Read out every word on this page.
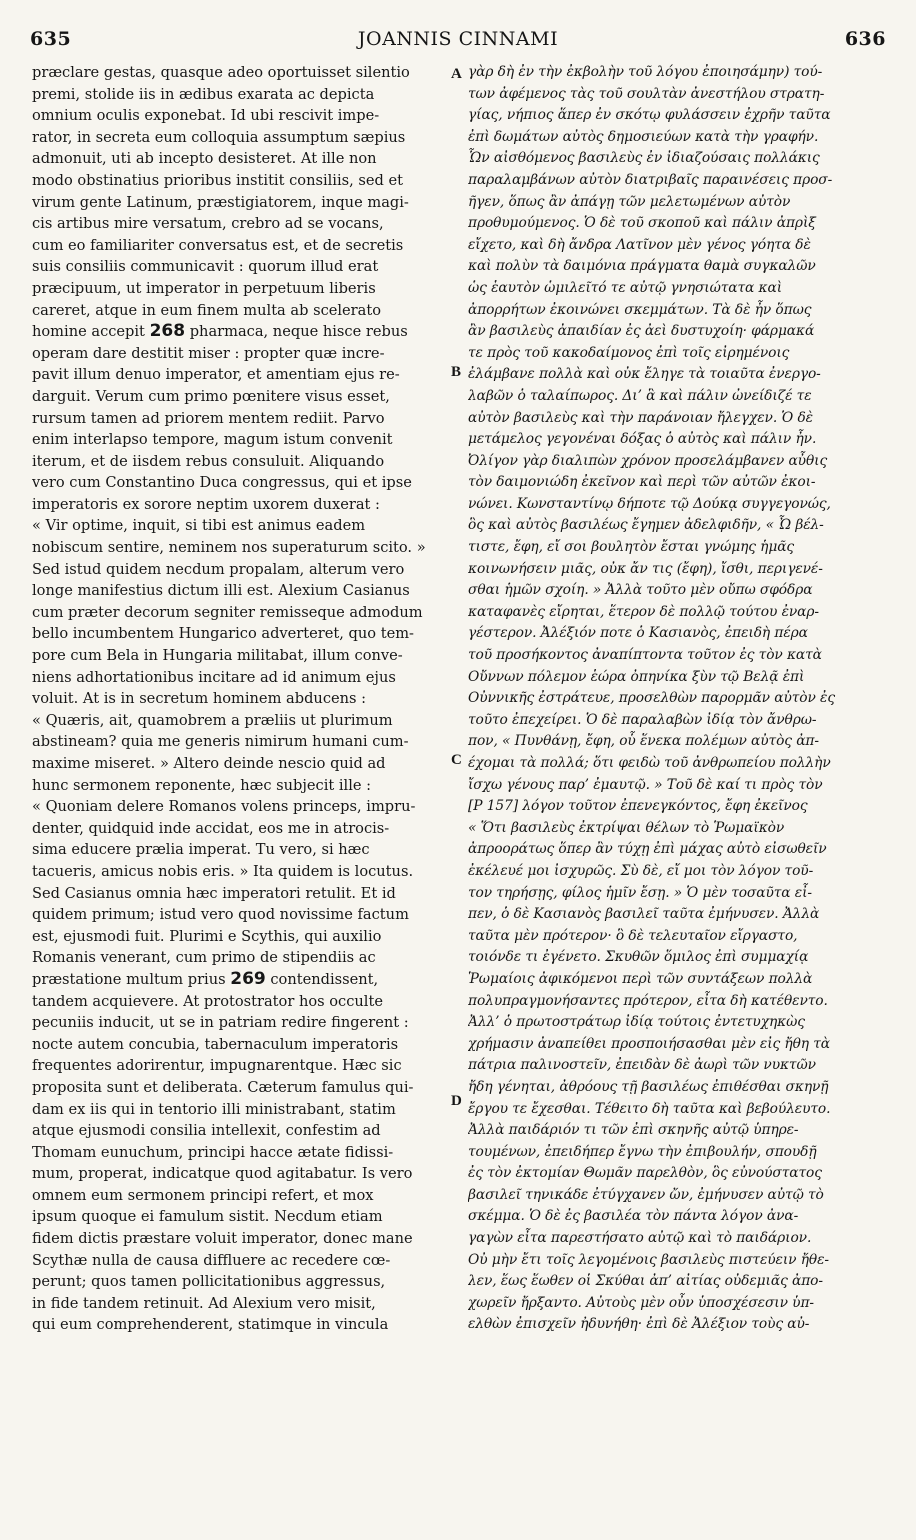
635	JOANNIS CINNAMI	636
præclare gestas, quasque adeo oportuisset silentio
premi, stolide iis in ædibus exarata ac depicta
omnium oculis exponebat. Id ubi rescivit impe-
rator, in secreta eum colloquia assumptum sæpius
admonuit, uti ab incepto desisteret. At ille non
modo obstinatius prioribus institit consiliis, sed et
virum gente Latinum, præstigiatorem, inque magi-
cis artibus mire versatum, crebro ad se vocans,
cum eo familiariter conversatus est, et de secretis
suis consiliis communicavit : quorum illud erat
præcipuum, ut imperator in perpetuum liberis
careret, atque in eum finem multa ab scelerato
homine accepit 268 pharmaca, neque hisce rebus
operam dare destitit miser : propter quæ incre-
pavit illum denuo imperator, et amentiam ejus re-
darguit. Verum cum primo pœnitere visus esset,
rursum tamen ad priorem mentem rediit. Parvo
enim interlapso tempore, magum istum convenit
iterum, et de iisdem rebus consuluit. Aliquando
vero cum Constantino Duca congressus, qui et ipse
imperatoris ex sorore neptim uxorem duxerat :
« Vir optime, inquit, si tibi est animus eadem
nobiscum sentire, neminem nos superaturum scito. »
Sed istud quidem necdum propalam, alterum vero
longe manifestius dictum illi est. Alexium Casianus
cum præter decorum segniter remisseque admodum
bello incumbentem Hungarico adverteret, quo tem-
pore cum Bela in Hungaria militabat, illum conve-
niens adhortationibus incitare ad id animum ejus
voluit. At is in secretum hominem abducens :
« Quæris, ait, quamobrem a præliis ut plurimum
abstineam? quia me generis nimirum humani cum-
maxime miseret. » Altero deinde nescio quid ad
hunc sermonem reponente, hæc subjecit ille :
« Quoniam delere Romanos volens princeps, impru-
denter, quidquid inde accidat, eos me in atrocis-
sima educere prælia imperat. Tu vero, si hæc
tacueris, amicus nobis eris. » Ita quidem is locutus.
Sed Casianus omnia hæc imperatori retulit. Et id
quidem primum; istud vero quod novissime factum
est, ejusmodi fuit. Plurimi e Scythis, qui auxilio
Romanis venerant, cum primo de stipendiis ac
præstatione multum prius 269 contendissent,
tandem acquievere. At protostrator hos occulte
pecuniis inducit, ut se in patriam redire fingerent :
nocte autem concubia, tabernaculum imperatoris
frequentes adorirentur, impugnarentque. Hæc sic
proposita sunt et deliberata. Cæterum famulus qui-
dam ex iis qui in tentorio illi ministrabant, statim
atque ejusmodi consilia intellexit, confestim ad
Thomam eunuchum, principi hacce ætate fidissi-
mum, properat, indicatque quod agitabatur. Is vero
omnem eum sermonem principi refert, et mox
ipsum quoque ei famulum sistit. Necdum etiam
fidem dictis præstare voluit imperator, donec mane
Scythæ nulla de causa diffluere ac recedere cœ-
perunt; quos tamen pollicitationibus aggressus,
in fide tandem retinuit. Ad Alexium vero misit,
qui eum comprehenderent, statimque in vincula
γὰρ δὴ ἐν τὴν ἐκβολὴν τοῦ λόγου ἐποιησάμην) τού-
των ἀφέμενος τὰς τοῦ σουλτὰν ἀνεστήλου στρατη-
γίας, νήπιος ἅπερ ἐν σκότῳ φυλάσσειν ἐχρῆν ταῦτα
ἐπὶ δωμάτων αὐτὸς δημοσιεύων κατὰ τὴν γραφήν.
Ὧν αἰσθόμενος βασιλεὺς ἐν ἰδιαζούσαις πολλάκις
παραλαμβάνων αὐτὸν διατριβαῖς παραινέσεις προσ-
ῆγεν, ὅπως ἂν ἀπάγῃ τῶν μελετωμένων αὐτὸν
προθυμούμενος. Ὁ δὲ τοῦ σκοποῦ καὶ πάλιν ἀπρὶξ
εἴχετο, καὶ δὴ ἄνδρα Λατῖνον μὲν γένος γόητα δὲ
καὶ πολὺν τὰ δαιμόνια πράγματα θαμὰ συγκαλῶν
ὡς ἑαυτὸν ὡμιλεῖτό τε αὐτῷ γνησιώτατα καὶ
ἀπορρήτων ἐκοινώνει σκεμμάτων. Τὰ δὲ ἦν ὅπως
ἂν βασιλεὺς ἀπαιδίαν ἐς ἀεὶ δυστυχοίη· φάρμακά
τε πρὸς τοῦ κακοδαίμονος ἐπὶ τοῖς εἰρημένοις
ἐλάμβανε πολλὰ καὶ οὐκ ἔληγε τὰ τοιαῦτα ἐνεργο-
λαβῶν ὁ ταλαίπωρος. Δι’ ἃ καὶ πάλιν ὠνείδιζέ τε
αὐτὸν βασιλεὺς καὶ τὴν παράνοιαν ἤλεγχεν. Ὁ δὲ
μετάμελος γεγονέναι δόξας ὁ αὐτὸς καὶ πάλιν ἦν.
Ὀλίγον γὰρ διαλιπὼν χρόνον προσελάμβανεν αὖθις
τὸν δαιμονιώδη ἐκεῖνον καὶ περὶ τῶν αὐτῶν ἐκοι-
νώνει. Κωνσταντίνῳ δήποτε τῷ Δούκᾳ συγγεγονώς,
ὃς καὶ αὐτὸς βασιλέως ἔγημεν ἀδελφιδῆν, « Ὦ βέλ-
τιστε, ἔφη, εἴ σοι βουλητὸν ἔσται γνώμης ἡμᾶς
κοινωνήσειν μιᾶς, οὐκ ἄν τις (ἔφη), ἴσθι, περιγενέ-
σθαι ἡμῶν σχοίη. » Ἀλλὰ τοῦτο μὲν οὔπω σφόδρα
καταφανὲς εἴρηται, ἕτερον δὲ πολλῷ τούτου ἐναρ-
γέστερον. Ἀλέξιόν ποτε ὁ Κασιανὸς, ἐπειδὴ πέρα
τοῦ προσήκοντος ἀναπίπτοντα τοῦτον ἐς τὸν κατὰ
Οὔννων πόλεμον ἑώρα ὀπηνίκα ξὺν τῷ Βελᾷ ἐπὶ
Οὐννικῆς ἐστράτευε, προσελθὼν παρορμᾶν αὐτὸν ἐς
τοῦτο ἐπεχείρει. Ὁ δὲ παραλαβὼν ἰδίᾳ τὸν ἄνθρω-
πον, « Πυνθάνῃ, ἔφη, οὗ ἕνεκα πολέμων αὐτὸς ἀπ-
έχομαι τὰ πολλά; ὅτι φειδὼ τοῦ ἀνθρωπείου πολλὴν
ἴσχω γένους παρ’ ἐμαυτῷ. » Τοῦ δὲ καί τι πρὸς τὸν
[P 157] λόγον τοῦτον ἐπενεγκόντος, ἔφη ἐκεῖνος
« Ὅτι βασιλεὺς ἐκτρίψαι θέλων τὸ Ῥωμαϊκὸν
ἀπροοράτως ὅπερ ἂν τύχῃ ἐπὶ μάχας αὐτὸ εἰσωθεῖν
ἐκέλευέ μοι ἰσχυρῶς. Σὺ δὲ, εἴ μοι τὸν λόγον τοῦ-
τον τηρήσῃς, φίλος ἡμῖν ἔσῃ. » Ὁ μὲν τοσαῦτα εἶ-
πεν, ὁ δὲ Κασιανὸς βασιλεῖ ταῦτα ἐμήνυσεν. Ἀλλὰ
ταῦτα μὲν πρότερον· ὃ δὲ τελευταῖον εἴργαστο,
τοιόνδε τι ἐγένετο. Σκυθῶν ὅμιλος ἐπὶ συμμαχίᾳ
Ῥωμαίοις ἀφικόμενοι περὶ τῶν συντάξεων πολλὰ
πολυπραγμονήσαντες πρότερον, εἶτα δὴ κατέθεντο.
Ἀλλ’ ὁ πρωτοστράτωρ ἰδίᾳ τούτοις ἐντετυχηκὼς
χρήμασιν ἀναπείθει προσποιήσασθαι μὲν εἰς ἤθη τὰ
πάτρια παλινοστεῖν, ἐπειδὰν δὲ ἀωρὶ τῶν νυκτῶν
ἤδη γένηται, ἀθρόους τῇ βασιλέως ἐπιθέσθαι σκηνῇ
ἔργου τε ἔχεσθαι. Τέθειτο δὴ ταῦτα καὶ βεβούλευτο.
Ἀλλὰ παιδάριόν τι τῶν ἐπὶ σκηνῆς αὐτῷ ὑπηρε-
τουμένων, ἐπειδήπερ ἔγνω τὴν ἐπιβουλήν, σπουδῇ
ἐς τὸν ἐκτομίαν Θωμᾶν παρελθὸν, ὃς εὐνούστατος
βασιλεῖ τηνικάδε ἐτύγχανεν ὤν, ἐμήνυσεν αὐτῷ τὸ
σκέμμα. Ὁ δὲ ἐς βασιλέα τὸν πάντα λόγον ἀνα-
γαγὼν εἶτα παρεστήσατο αὐτῷ καὶ τὸ παιδάριον.
Οὐ μὴν ἔτι τοῖς λεγομένοις βασιλεὺς πιστεύειν ἤθε-
λεν, ἕως ἕωθεν οἱ Σκύθαι ἀπ’ αἰτίας οὐδεμιᾶς ἀπο-
χωρεῖν ἤρξαντο. Αὐτοὺς μὲν οὖν ὑποσχέσεσιν ὑπ-
ελθὼν ἐπισχεῖν ἠδυνήθη· ἐπὶ δὲ Ἀλέξιον τοὺς αὐ-
A
B
C
D
